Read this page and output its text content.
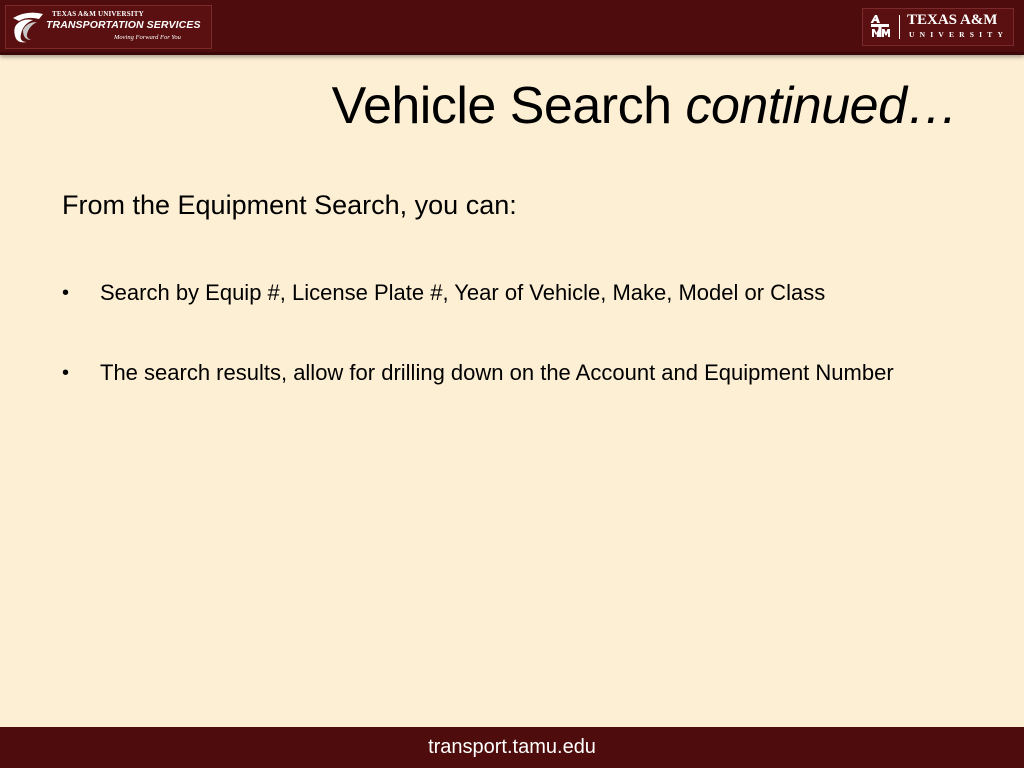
TEXAS A&M UNIVERSITY
TRANSPORTATION SERVICES
Moving Forward For You
TEXAS A&M
UNIVERSITY
Vehicle Search continued…

From the Equipment Search, you can:

• Search by Equip #, License Plate #, Year of Vehicle, Make, Model or Class
• The search results, allow for drilling down on the Account and Equipment Number
transport.tamu.edu
